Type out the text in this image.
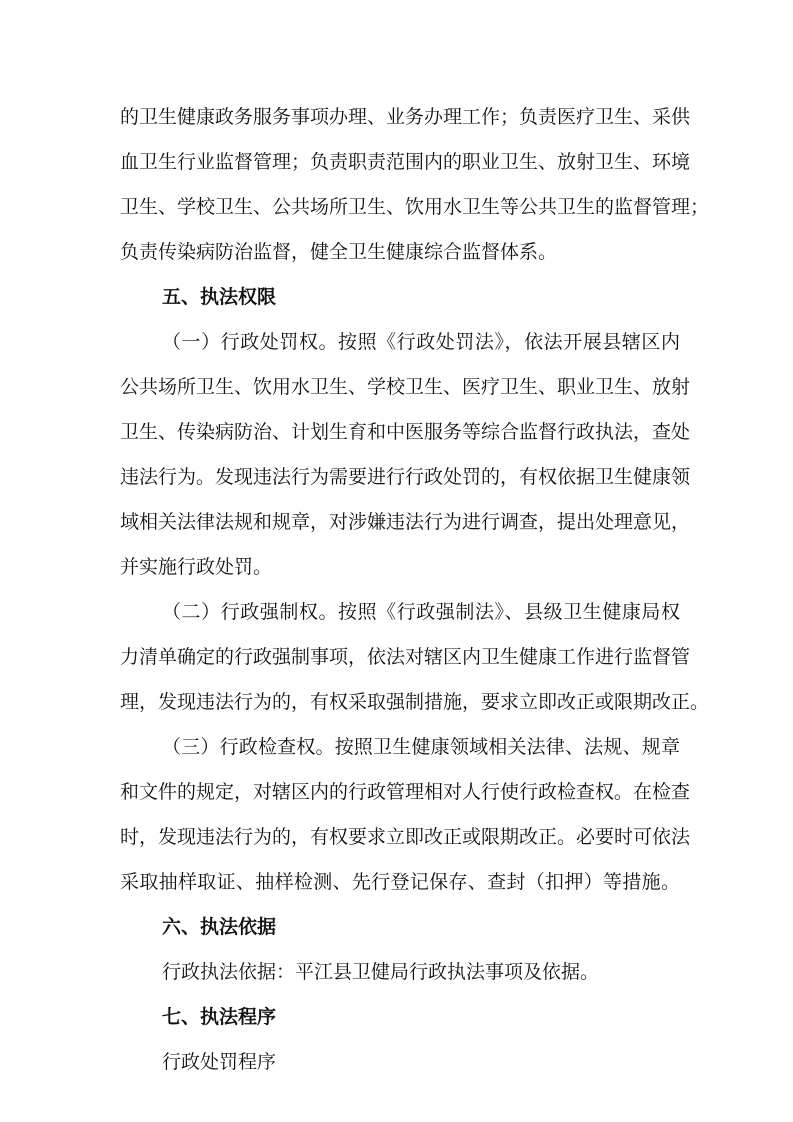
的卫生健康政务服务事项办理、业务办理工作；负责医疗卫生、采供
血卫生行业监督管理；负责职责范围内的职业卫生、放射卫生、环境
卫生、学校卫生、公共场所卫生、饮用水卫生等公共卫生的监督管理；
负责传染病防治监督，健全卫生健康综合监督体系。
五、执法权限
（一）行政处罚权。按照《行政处罚法》，依法开展县辖区内
公共场所卫生、饮用水卫生、学校卫生、医疗卫生、职业卫生、放射
卫生、传染病防治、计划生育和中医服务等综合监督行政执法，查处
违法行为。发现违法行为需要进行行政处罚的，有权依据卫生健康领
域相关法律法规和规章，对涉嫌违法行为进行调查，提出处理意见，
并实施行政处罚。
（二）行政强制权。按照《行政强制法》、县级卫生健康局权
力清单确定的行政强制事项，依法对辖区内卫生健康工作进行监督管
理，发现违法行为的，有权采取强制措施，要求立即改正或限期改正。
（三）行政检查权。按照卫生健康领域相关法律、法规、规章
和文件的规定，对辖区内的行政管理相对人行使行政检查权。在检查
时，发现违法行为的，有权要求立即改正或限期改正。必要时可依法
采取抽样取证、抽样检测、先行登记保存、查封（扣押）等措施。
六、执法依据
行政执法依据：平江县卫健局行政执法事项及依据。
七、执法程序
行政处罚程序
